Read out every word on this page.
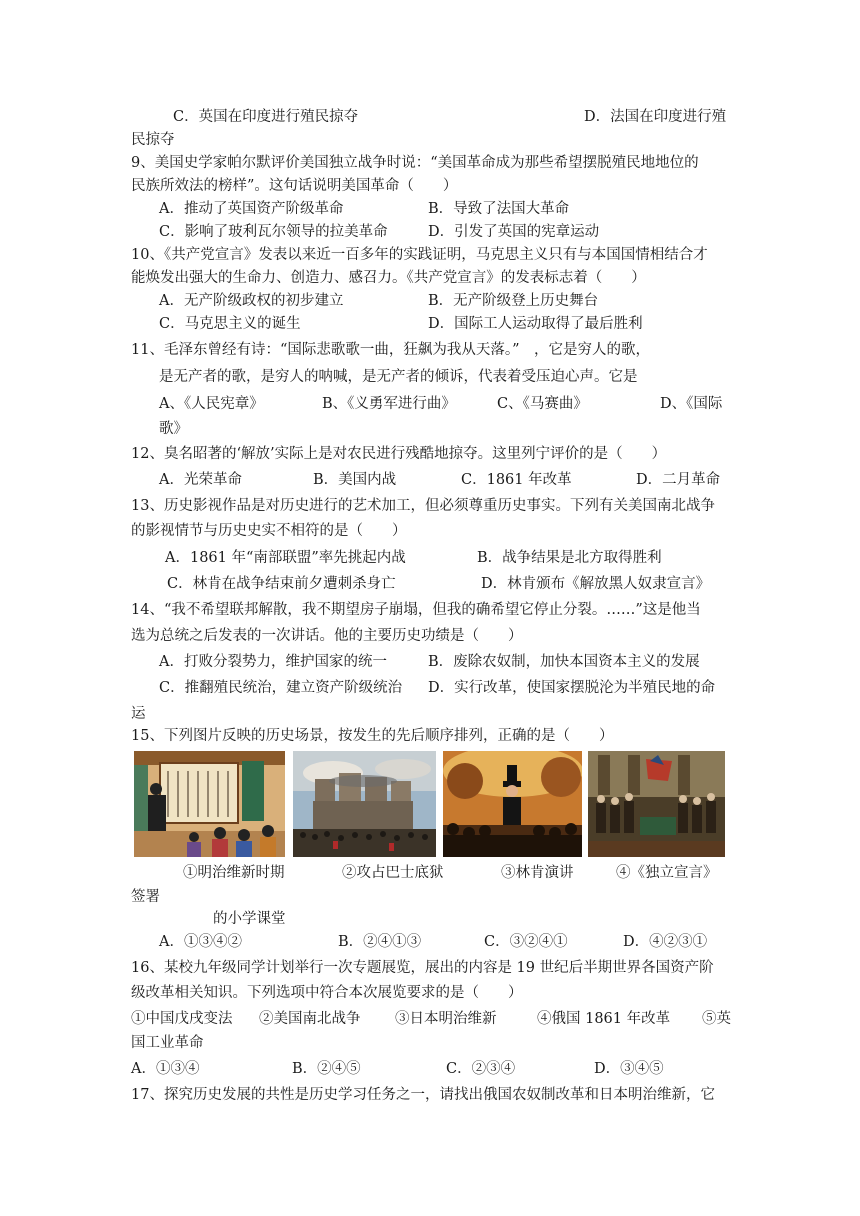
C．英国在印度进行殖民掠夺	D．法国在印度进行殖
民掠夺
9、美国史学家帕尔默评价美国独立战争时说：“美国革命成为那些希望摆脱殖民地地位的
民族所效法的榜样”。这句话说明美国革命（　　）
A．推动了英国资产阶级革命	B．导致了法国大革命
C．影响了玻利瓦尔领导的拉美革命	D．引发了英国的宪章运动
10、《共产党宣言》发表以来近一百多年的实践证明，马克思主义只有与本国国情相结合才
能焕发出强大的生命力、创造力、感召力。《共产党宣言》的发表标志着（　　）
A．无产阶级政权的初步建立	B．无产阶级登上历史舞台
C．马克思主义的诞生	D．国际工人运动取得了最后胜利
11、毛泽东曾经有诗：“国际悲歌歌一曲，狂飙为我从天落。”　，它是穷人的歌，
是无产者的歌，是穷人的呐喊，是无产者的倾诉，代表着受压迫心声。它是
A、《人民宪章》	B、《义勇军进行曲》	C、《马赛曲》	D、《国际
歌》
12、臭名昭著的‘解放’实际上是对农民进行残酷地掠夺。这里列宁评价的是（　　）
A．光荣革命	B．美国内战	C．1861 年改革	D．二月革命
13、历史影视作品是对历史进行的艺术加工，但必须尊重历史事实。下列有关美国南北战争
的影视情节与历史史实不相符的是（　　）
A．1861 年“南部联盟”率先挑起内战	B．战争结果是北方取得胜利
C．林肯在战争结束前夕遭刺杀身亡	D．林肯颁布《解放黑人奴隶宣言》
14、“我不希望联邦解散，我不期望房子崩塌，但我的确希望它停止分裂。……”这是他当
选为总统之后发表的一次讲话。他的主要历史功绩是（　　）
A．打败分裂势力，维护国家的统一	B．废除农奴制，加快本国资本主义的发展
C．推翻殖民统治，建立资产阶级统治 D．实行改革，使国家摆脱沦为半殖民地的命
运
15、下列图片反映的历史场景，按发生的先后顺序排列，正确的是（　　）
①明治维新时期	②攻占巴士底狱	③林肯演讲	④《独立宣言》
签署
的小学课堂
A．①③④②	B．②④①③	C．③②④①	D．④②③①
16、某校九年级同学计划举行一次专题展览，展出的内容是 19 世纪后半期世界各国资产阶
级改革相关知识。下列选项中符合本次展览要求的是（　　）
①中国戊戌变法 ②美国南北战争 ③日本明治维新	④俄国 1861 年改革 ⑤英
国工业革命
A．①③④	B．②④⑤	C．②③④	D．③④⑤
17、探究历史发展的共性是历史学习任务之一，请找出俄国农奴制改革和日本明治维新，它
